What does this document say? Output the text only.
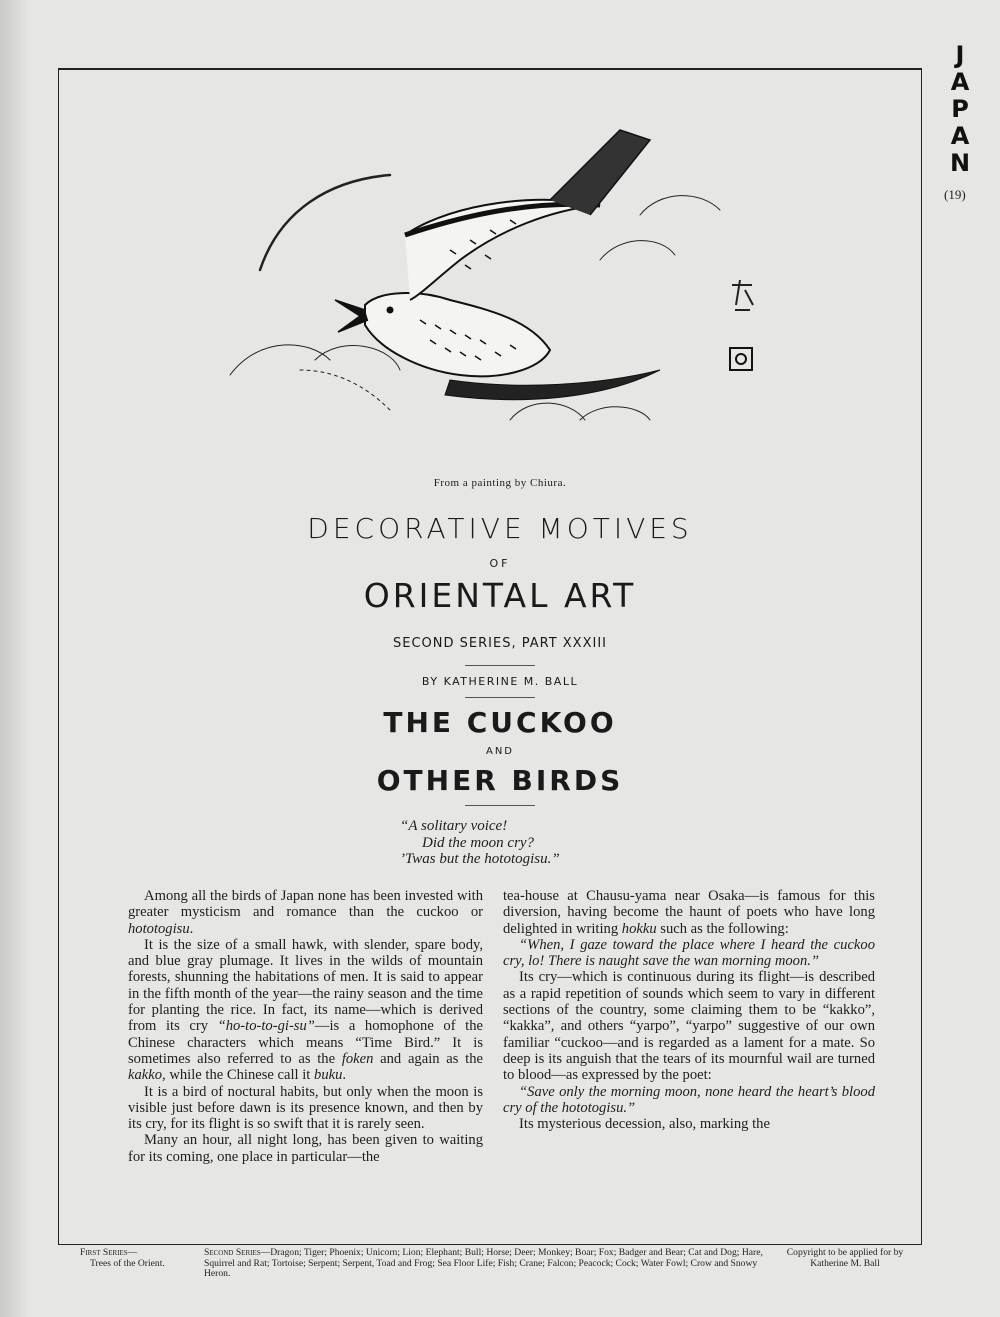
J
A
P
A
N
(19)
From a painting by Chiura.
DECORATIVE MOTIVES
OF
ORIENTAL ART
SECOND SERIES, PART XXXIII
BY KATHERINE M. BALL
THE CUCKOO
AND
OTHER BIRDS
“A solitary voice!
Did the moon cry?
’Twas but the hototogisu.”

Among all the birds of Japan none has been invested with greater mysticism and romance than the cuckoo or hototogisu.

It is the size of a small hawk, with slender, spare body, and blue gray plumage. It lives in the wilds of mountain forests, shunning the habitations of men. It is said to appear in the fifth month of the year—the rainy season and the time for planting the rice. In fact, its name—which is derived from its cry “ho-to-to-gi-su”—is a homophone of the Chinese characters which means “Time Bird.” It is sometimes also referred to as the foken and again as the kakko, while the Chinese call it buku.

It is a bird of noctural habits, but only when the moon is visible just before dawn is its presence known, and then by its cry, for its flight is so swift that it is rarely seen.

Many an hour, all night long, has been given to waiting for its coming, one place in particular—the

tea-house at Chausu-yama near Osaka—is famous for this diversion, having become the haunt of poets who have long delighted in writing hokku such as the following:

“When, I gaze toward the place where I heard the cuckoo cry, lo! There is naught save the wan morning moon.”

Its cry—which is continuous during its flight—is described as a rapid repetition of sounds which seem to vary in different sections of the country, some claiming them to be “kakko”, “kakka”, and others “yarpo”, “yarpo” suggestive of our own familiar “cuckoo—and is regarded as a lament for a mate. So deep is its anguish that the tears of its mournful wail are turned to blood—as expressed by the poet:

“Save only the morning moon, none heard the heart’s blood cry of the hototogisu.”

Its mysterious decession, also, marking the

First Series—
Trees of the Orient.
Second Series—Dragon; Tiger; Phoenix; Unicorn; Lion; Elephant; Bull; Horse; Deer; Monkey; Boar; Fox; Badger and Bear; Cat and Dog; Hare, Squirrel and Rat; Tortoise; Serpent; Serpent, Toad and Frog; Sea Floor Life; Fish; Crane; Falcon; Peacock; Cock; Water Fowl; Crow and Snowy Heron.
Copyright to be applied for by Katherine M. Ball
